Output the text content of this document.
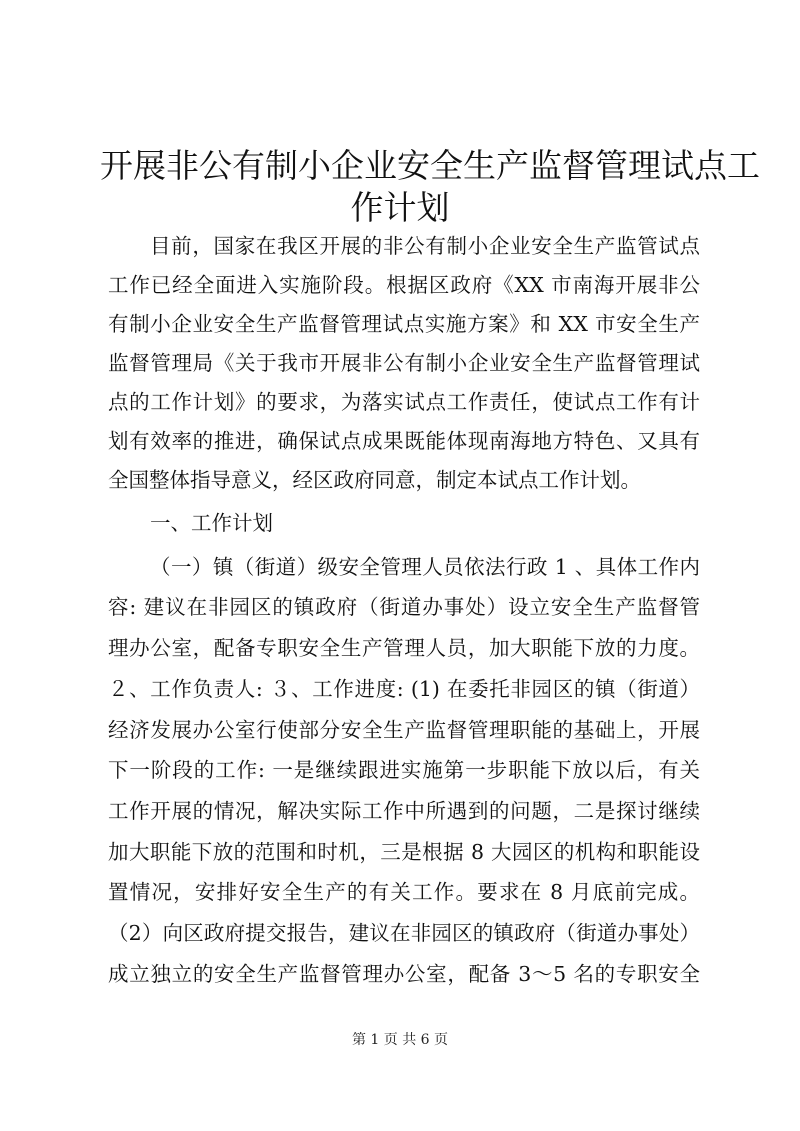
开展非公有制小企业安全生产监督管理试点工
作计划
目前，国家在我区开展的非公有制小企业安全生产监管试点
工作已经全面进入实施阶段。根据区政府《XX 市南海开展非公
有制小企业安全生产监督管理试点实施方案》和 XX 市安全生产
监督管理局《关于我市开展非公有制小企业安全生产监督管理试
点的工作计划》的要求，为落实试点工作责任，使试点工作有计
划有效率的推进，确保试点成果既能体现南海地方特色、又具有
全国整体指导意义，经区政府同意，制定本试点工作计划。
一、工作计划
（一）镇（街道）级安全管理人员依法行政 1 、具体工作内
容: 建议在非园区的镇政府（街道办事处）设立安全生产监督管
理办公室，配备专职安全生产管理人员，加大职能下放的力度。
２、工作负责人: ３、工作进度: (1) 在委托非园区的镇（街道）
经济发展办公室行使部分安全生产监督管理职能的基础上，开展
下一阶段的工作: 一是继续跟进实施第一步职能下放以后，有关
工作开展的情况，解决实际工作中所遇到的问题，二是探讨继续
加大职能下放的范围和时机，三是根据 8 大园区的机构和职能设
置情况，安排好安全生产的有关工作。要求在 8 月底前完成。
（2）向区政府提交报告，建议在非园区的镇政府（街道办事处）
成立独立的安全生产监督管理办公室，配备 3～5 名的专职安全
第 1 页 共 6 页
